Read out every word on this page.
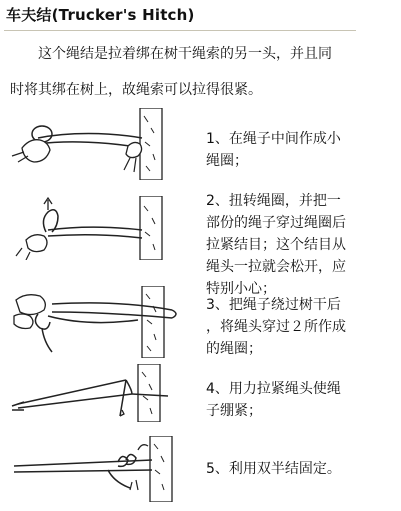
车夫结(Trucker's Hitch)
这个绳结是拉着绑在树干绳索的另一头，并且同
时将其绑在树上，故绳索可以拉得很紧。
1、在绳子中间作成小
绳圈；
2、扭转绳圈，并把一
部份的绳子穿过绳圈后
拉紧结目；这个结目从
绳头一拉就会松开，应
特别小心；
3、把绳子绕过树干后
，将绳头穿过２所作成
的绳圈；
4、用力拉紧绳头使绳
子绷紧；
5、利用双半结固定。
